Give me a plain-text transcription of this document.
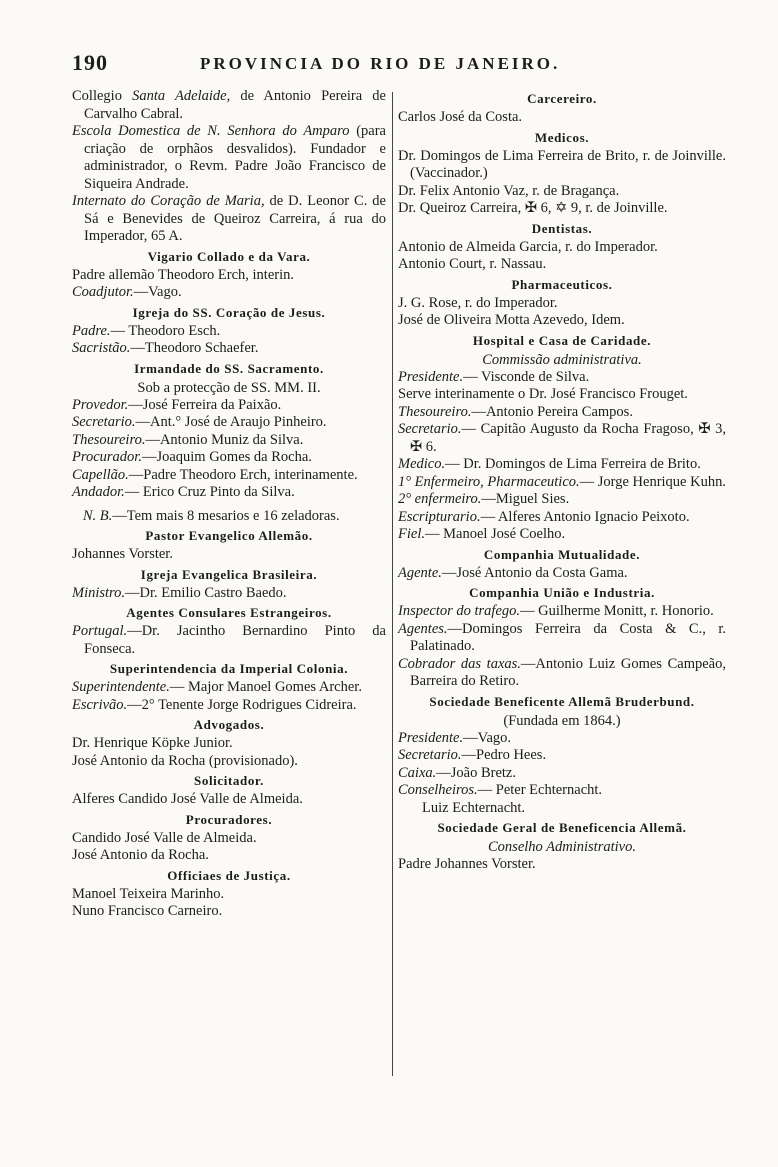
190	PROVINCIA DO RIO DE JANEIRO.

Collegio Santa Adelaide, de Antonio Pereira de Carvalho Cabral.

Escola Domestica de N. Senhora do Amparo (para criação de orphãos desvalidos). Fundador e administrador, o Revm. Padre João Francisco de Siqueira Andrade.

Internato do Coração de Maria, de D. Leonor C. de Sá e Benevides de Queiroz Carreira, á rua do Imperador, 65 A.

Vigario Collado e da Vara.

Padre allemão Theodoro Erch, interin.

Coadjutor.—Vago.

Igreja do SS. Coração de Jesus.

Padre.— Theodoro Esch.

Sacristão.—Theodoro Schaefer.

Irmandade do SS. Sacramento.
Sob a protecção de SS. MM. II.

Provedor.—José Ferreira da Paixão.

Secretario.—Ant.° José de Araujo Pinheiro.

Thesoureiro.—Antonio Muniz da Silva.

Procurador.—Joaquim Gomes da Rocha.

Capellão.—Padre Theodoro Erch, interinamente.

Andador.— Erico Cruz Pinto da Silva.

N. B.—Tem mais 8 mesarios e 16 zeladoras.

Pastor Evangelico Allemão.

Johannes Vorster.

Igreja Evangelica Brasileira.

Ministro.—Dr. Emilio Castro Baedo.

Agentes Consulares Estrangeiros.

Portugal.—Dr. Jacintho Bernardino Pinto da Fonseca.

Superintendencia da Imperial Colonia.

Superintendente.— Major Manoel Gomes Archer.

Escrivão.—2° Tenente Jorge Rodrigues Cidreira.

Advogados.

Dr. Henrique Köpke Junior.

José Antonio da Rocha (provisionado).

Solicitador.

Alferes Candido José Valle de Almeida.

Procuradores.

Candido José Valle de Almeida.

José Antonio da Rocha.

Officiaes de Justiça.

Manoel Teixeira Marinho.

Nuno Francisco Carneiro.

Carcereiro.

Carlos José da Costa.

Medicos.

Dr. Domingos de Lima Ferreira de Brito, r. de Joinville. (Vaccinador.)

Dr. Felix Antonio Vaz, r. de Bragança.

Dr. Queiroz Carreira, ✠ 6, ✡ 9, r. de Joinville.

Dentistas.

Antonio de Almeida Garcia, r. do Imperador.

Antonio Court, r. Nassau.

Pharmaceuticos.

J. G. Rose, r. do Imperador.

José de Oliveira Motta Azevedo, Idem.

Hospital e Casa de Caridade.
Commissão administrativa.

Presidente.— Visconde de Silva.

Serve interinamente o Dr. José Francisco Frouget.

Thesoureiro.—Antonio Pereira Campos.

Secretario.— Capitão Augusto da Rocha Fragoso, ✠ 3, ✠ 6.

Medico.— Dr. Domingos de Lima Ferreira de Brito.

1° Enfermeiro, Pharmaceutico.— Jorge Henrique Kuhn.

2° enfermeiro.—Miguel Sies.

Escripturario.— Alferes Antonio Ignacio Peixoto.

Fiel.— Manoel José Coelho.

Companhia Mutualidade.

Agente.—José Antonio da Costa Gama.

Companhia União e Industria.

Inspector do trafego.— Guilherme Monitt, r. Honorio.

Agentes.—Domingos Ferreira da Costa & C., r. Palatinado.

Cobrador das taxas.—Antonio Luiz Gomes Campeão, Barreira do Retiro.

Sociedade Beneficente Allemã Bruderbund.
(Fundada em 1864.)

Presidente.—Vago.

Secretario.—Pedro Hees.

Caixa.—João Bretz.

Conselheiros.— Peter Echternacht.

Luiz Echternacht.

Sociedade Geral de Beneficencia Allemã.
Conselho Administrativo.

Padre Johannes Vorster.
